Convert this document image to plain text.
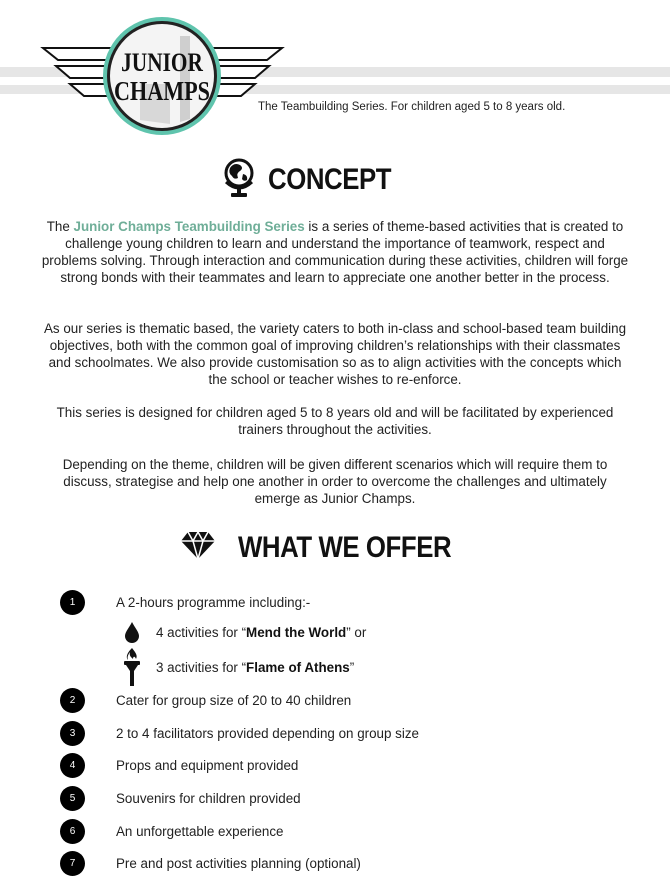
JUNIOR
CHAMPS
The Teambuilding Series. For children aged 5 to 8 years old.
CONCEPT
The Junior Champs Teambuilding Series is a series of theme-based activities that is created to challenge young children to learn and understand the importance of teamwork, respect and problems solving. Through interaction and communication during these activities, children will forge strong bonds with their teammates and learn to appreciate one another better in the process.
As our series is thematic based, the variety caters to both in-class and school-based team building objectives, both with the common goal of improving children’s relationships with their classmates and schoolmates. We also provide customisation so as to align activities with the concepts which the school or teacher wishes to re-enforce.
This series is designed for children aged 5 to 8 years old and will be facilitated by experienced trainers throughout the activities.
Depending on the theme, children will be given different scenarios which will require them to discuss, strategise and help one another in order to overcome the challenges and ultimately emerge as Junior Champs.
WHAT WE OFFER
1	A 2-hours programme including:-
4 activities for “Mend the World” or
3 activities for “Flame of Athens”
2	Cater for group size of 20 to 40 children
3	2 to 4 facilitators provided depending on group size
4	Props and equipment provided
5	Souvenirs for children provided
6	An unforgettable experience
7	Pre and post activities planning (optional)
